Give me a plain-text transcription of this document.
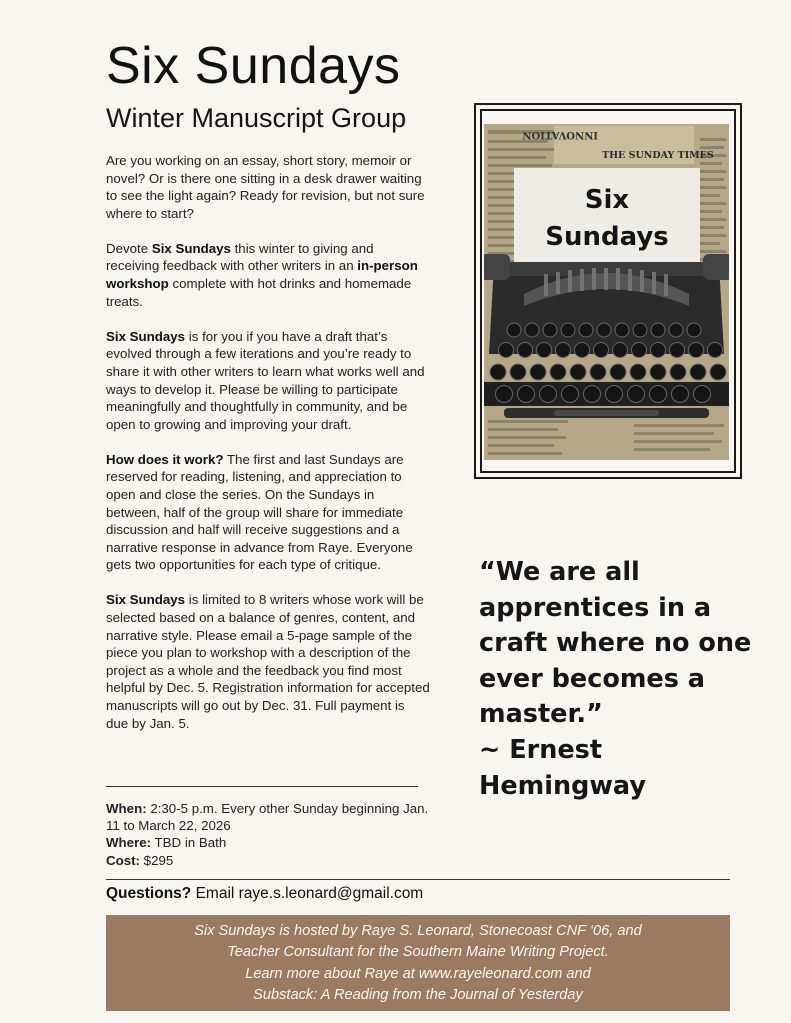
Six Sundays
Winter Manuscript Group

Are you working on an essay, short story, memoir or novel? Or is there one sitting in a desk drawer waiting to see the light again? Ready for revision, but not sure where to start?

Devote Six Sundays this winter to giving and receiving feedback with other writers in an in-person workshop complete with hot drinks and homemade treats.

Six Sundays is for you if you have a draft that’s evolved through a few iterations and you’re ready to share it with other writers to learn what works well and ways to develop it. Please be willing to participate meaningfully and thoughtfully in community, and be open to growing and improving your draft.

How does it work? The first and last Sundays are reserved for reading, listening, and appreciation to open and close the series. On the Sundays in between, half of the group will share for immediate discussion and half will receive suggestions and a narrative response in advance from Raye. Everyone gets two opportunities for each type of critique.

Six Sundays is limited to 8 writers whose work will be selected based on a balance of genres, content, and narrative style. Please email a 5-page sample of the piece you plan to workshop with a description of the project as a whole and the feedback you find most helpful by Dec. 5. Registration information for accepted manuscripts will go out by Dec. 31. Full payment is due by Jan. 5.

When: 2:30-5 p.m. Every other Sunday beginning Jan. 11 to March 22, 2026
Where: TBD in Bath
Cost: $295
Questions? Email raye.s.leonard@gmail.com
Six Sundays is hosted by Raye S. Leonard, Stonecoast CNF ‘06, and
Teacher Consultant for the Southern Maine Writing Project.
Learn more about Raye at www.rayeleonard.com and
Substack: A Reading from the Journal of Yesterday
INNOVATION
THE SUNDAY TIMES
Six
Sundays
“We are all apprentices in a craft where no one ever becomes a master.”
~ Ernest Hemingway
